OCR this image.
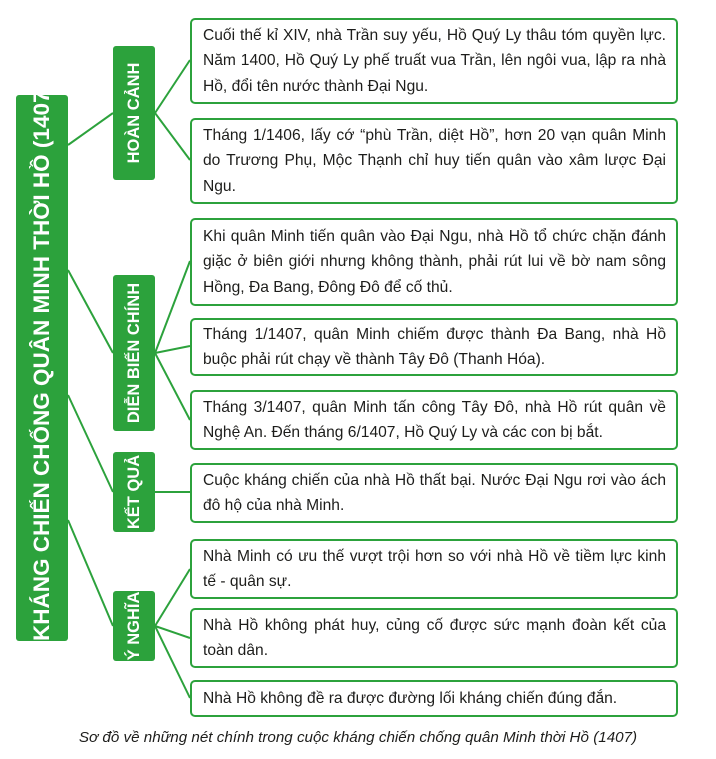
KHÁNG CHIẾN CHỐNG QUÂN MINH THỜI HỒ (1407)	HOÀN CẢNH
DIỄN BIẾN CHÍNH
KẾT QUẢ
Ý NGHĨA
Cuối thế kỉ XIV, nhà Trần suy yếu, Hồ Quý Ly thâu tóm quyền lực. Năm 1400, Hồ Quý Ly phế truất vua Trần, lên ngôi vua, lập ra nhà Hồ, đổi tên nước thành Đại Ngu.
Tháng 1/1406, lấy cớ “phù Trần, diệt Hồ”, hơn 20 vạn quân Minh do Trương Phụ, Mộc Thạnh chỉ huy tiến quân vào xâm lược Đại Ngu.
Khi quân Minh tiến quân vào Đại Ngu, nhà Hồ tổ chức chặn đánh giặc ở biên giới nhưng không thành, phải rút lui về bờ nam sông Hồng, Đa Bang, Đông Đô để cố thủ.
Tháng 1/1407, quân Minh chiếm được thành Đa Bang, nhà Hồ buộc phải rút chạy về thành Tây Đô (Thanh Hóa).
Tháng 3/1407, quân Minh tấn công Tây Đô, nhà Hồ rút quân về Nghệ An. Đến tháng 6/1407, Hồ Quý Ly và các con bị bắt.
Cuộc kháng chiến của nhà Hồ thất bại. Nước Đại Ngu rơi vào ách đô hộ của nhà Minh.
Nhà Minh có ưu thế vượt trội hơn so với nhà Hồ về tiềm lực kinh tế - quân sự.
Nhà Hồ không phát huy, củng cố được sức mạnh đoàn kết của toàn dân.
Nhà Hồ không đề ra được đường lối kháng chiến đúng đắn.
Sơ đồ về những nét chính trong cuộc kháng chiến chống quân Minh thời Hồ (1407)
